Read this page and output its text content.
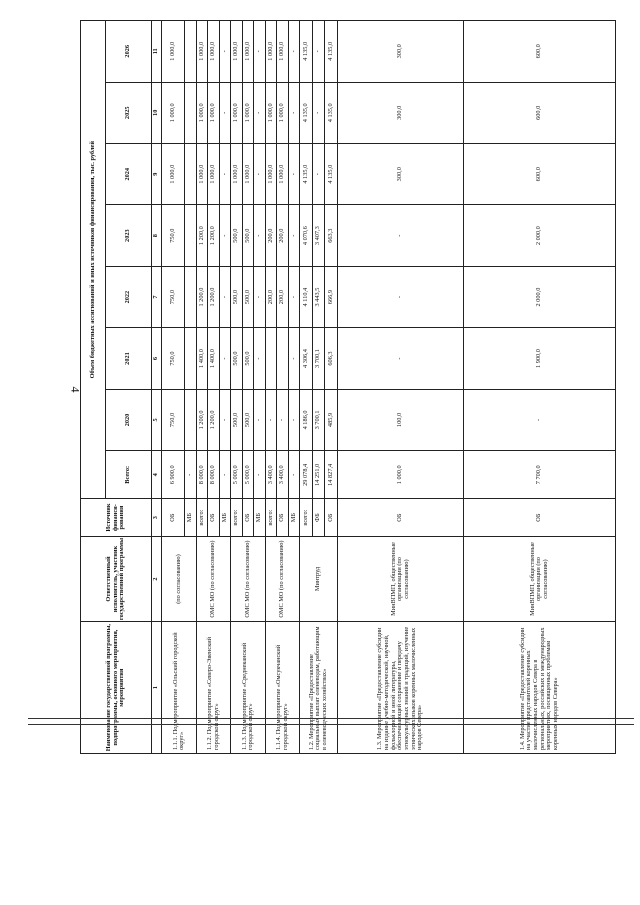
4
Наименование государственной программы, подпрограммы, основного мероприятия, мероприятия	Ответственный исполнитель, участник государственной программы	Источник финанси-рования	Объем бюджетных ассигнований и иных источников финансирования, тыс. рублей							
			Всего:	2020	2021	2022	2023	2024	2025	2026
1	2	3	4	5	6	7	8	9	10	11
1.1.1. Подмероприятие «Ольский городской округ»	(по согласованию)	ОБ	6 900,0	750,0	750,0	750,0	750,0	1 000,0	1 000,0	1 000,0
		МБ	-							
1.1.2. Подмероприятие «Северо-Эвенский городской округ»	ОМС МО (по согласованию)	всего:	8 000,0	1 200,0	1 400,0	1 200,0	1 200,0	1 000,0	1 000,0	1 000,0
		ОБ	8 000,0	1 200,0	1 400,0	1 200,0	1 200,0	1 000,0	1 000,0	1 000,0
		МБ	-	-	-	-	-	-	-	-
1.1.3. Подмероприятие «Среднеканский городской округ»	ОМС МО (по согласованию)	всего:	5 000,0	500,0	500,0	500,0	500,0	1 000,0	1 000,0	1 000,0
		ОБ	5 000,0	500,0	500,0	500,0	500,0	1 000,0	1 000,0	1 000,0
		МБ	-	-	-	-	-	-	-	-
1.1.4. Подмероприятие «Омсукчанский городской округ»	ОМС МО (по согласованию)	всего:	3 400,0	-		200,0	200,0	1 000,0	1 000,0	1 000,0
		ОБ	3 400,0	-		200,0	200,0	1 000,0	1 000,0	1 000,0
		МБ	-	-	-	-	-	-	-	-
1.2. Мероприятие «Предоставление социальных выплат оленеводам, работающим в оленеводческих хозяйствах»	Минтруд	всего:	29 078,4	4 186,0	4 306,4	4 110,4	4 070,6	4 135,0	4 135,0	4 135,0
		ФБ	14 251,0	3 700,1	3 700,1	3 443,5	3 407,3	-	-	-
		ОБ	14 827,4	485,9	606,3	666,9	663,3	4 135,0	4 135,0	4 135,0
1.3. Мероприятие «Предоставление субсидии на издание учебно-методической, научной, фольклорной и иной литературы, обеспечивающей сохранение и передачу этнокультурных знаний и традиций, изучение этнических языков коренных малочисленных народов Севера»	МинВПМП, общественные организации (по согласованию)	ОБ	1 000,0	100,0	-	-	-	300,0	300,0	300,0
1.4. Мероприятие «Предоставление субсидии на участие представителей коренных малочисленных народов Севера в региональных, российских и международных мероприятиях, посвященных проблемам коренных народов Севера»	МинВПМП, общественные организации (по согласованию)	ОБ	7 700,0	-	1 900,0	2 000,0	2 000,0	600,0	600,0	600,0
